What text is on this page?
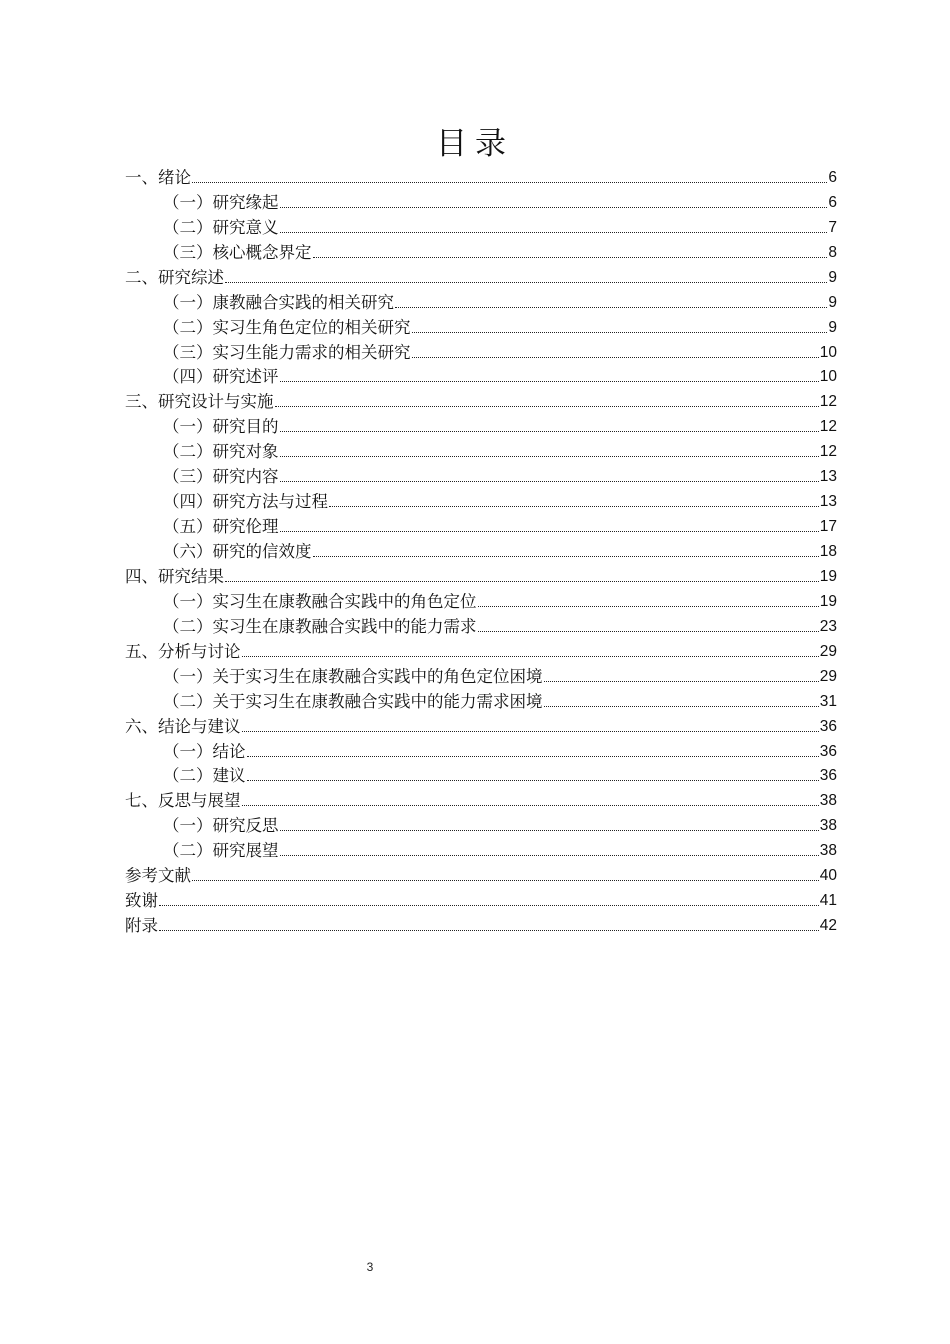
目录
一、绪论	6
（一）研究缘起	6
（二）研究意义	7
（三）核心概念界定	8
二、研究综述	9
（一）康教融合实践的相关研究	9
（二）实习生角色定位的相关研究	9
（三）实习生能力需求的相关研究	10
（四）研究述评	10
三、研究设计与实施	12
（一）研究目的	12
（二）研究对象	12
（三）研究内容	13
（四）研究方法与过程	13
（五）研究伦理	17
（六）研究的信效度	18
四、研究结果	19
（一）实习生在康教融合实践中的角色定位	19
（二）实习生在康教融合实践中的能力需求	23
五、分析与讨论	29
（一）关于实习生在康教融合实践中的角色定位困境	29
（二）关于实习生在康教融合实践中的能力需求困境	31
六、结论与建议	36
（一）结论	36
（二）建议	36
七、反思与展望	38
（一）研究反思	38
（二）研究展望	38
参考文献	40
致谢	41
附录	42
3
